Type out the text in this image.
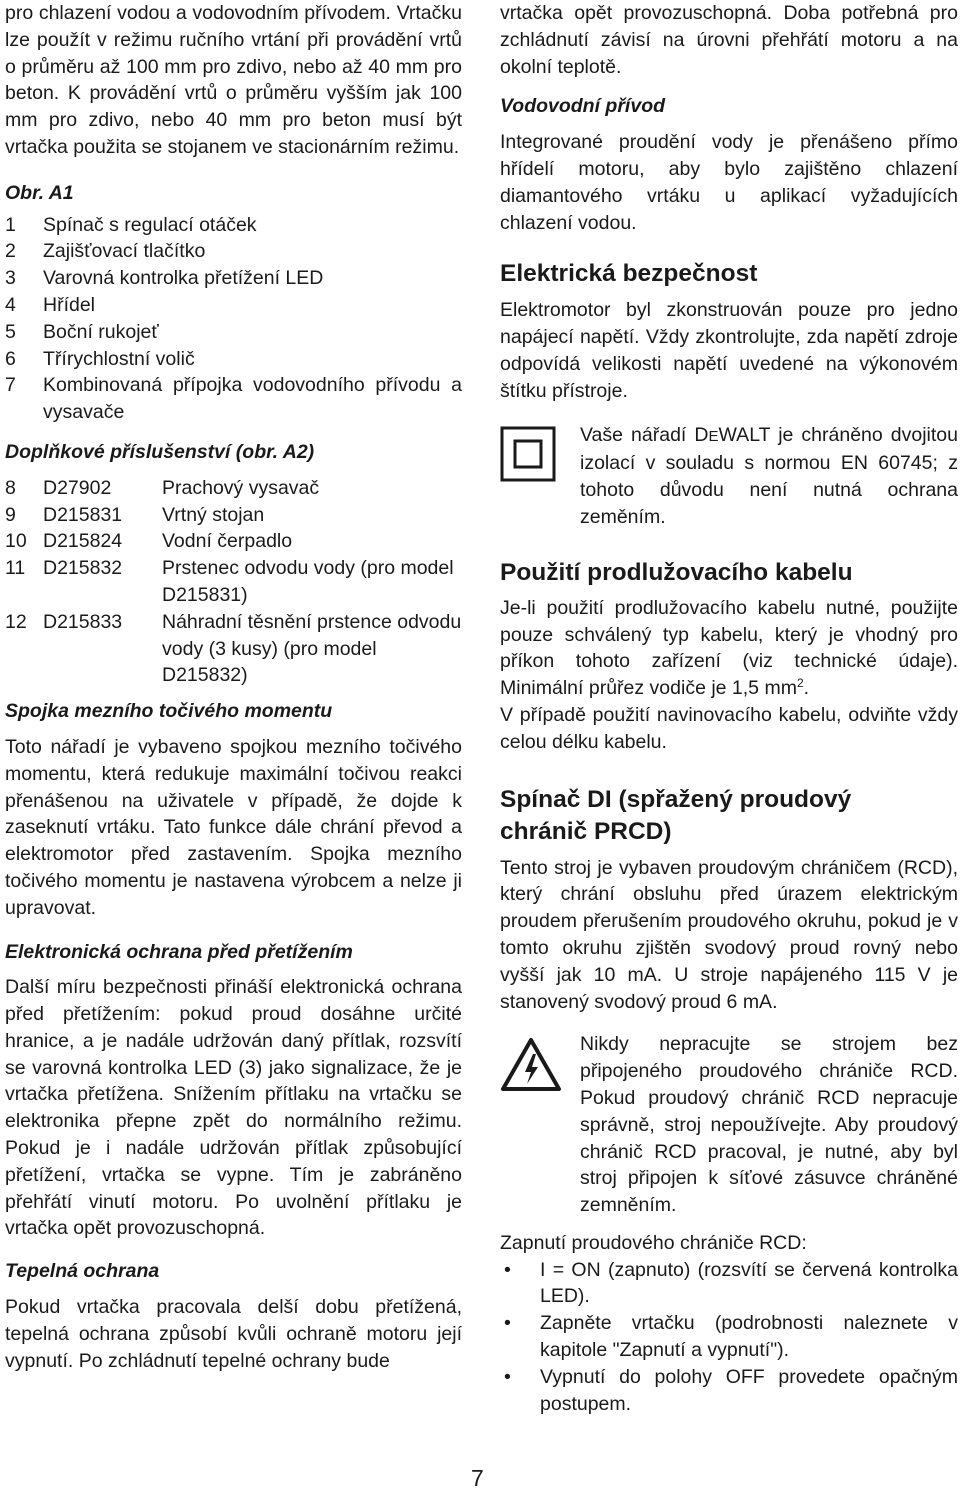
pro chlazení vodou a vodovodním přívodem. Vrtačku lze použít v režimu ručního vrtání při provádění vrtů o průměru až 100 mm pro zdivo, nebo až 40 mm pro beton. K provádění vrtů o průměru vyšším jak 100 mm pro zdivo, nebo 40 mm pro beton musí být vrtačka použita se stojanem ve stacionárním režimu.

Obr. A1

1	Spínač s regulací otáček
2	Zajišťovací tlačítko
3	Varovná kontrolka přetížení LED
4	Hřídel
5	Boční rukojeť
6	Třírychlostní volič
7	Kombinovaná přípojka vodovodního přívodu a vysavače

Doplňkové příslušenství (obr. A2)

8	D27902	Prachový vysavač
9	D215831	Vrtný stojan
10	D215824	Vodní čerpadlo
11	D215832	Prstenec odvodu vody (pro model D215831)
12	D215833	Náhradní těsnění prstence odvodu vody (3 kusy) (pro model D215832)

Spojka mezního točivého momentu

Toto nářadí je vybaveno spojkou mezního točivého momentu, která redukuje maximální točivou reakci přenášenou na uživatele v případě, že dojde k zaseknutí vrtáku. Tato funkce dále chrání převod a elektromotor před zastavením. Spojka mezního točivého momentu je nastavena výrobcem a nelze ji upravovat.

Elektronická ochrana před přetížením

Další míru bezpečnosti přináší elektronická ochrana před přetížením: pokud proud dosáhne určité hranice, a je nadále udržován daný přítlak, rozsvítí se varovná kontrolka LED (3) jako signalizace, že je vrtačka přetížena. Snížením přítlaku na vrtačku se elektronika přepne zpět do normálního režimu. Pokud je i nadále udržován přítlak způsobující přetížení, vrtačka se vypne. Tím je zabráněno přehřátí vinutí motoru. Po uvolnění přítlaku je vrtačka opět provozuschopná.

Tepelná ochrana

Pokud vrtačka pracovala delší dobu přetížená, tepelná ochrana způsobí kvůli ochraně motoru její vypnutí. Po zchládnutí tepelné ochrany bude

vrtačka opět provozuschopná. Doba potřebná pro zchládnutí závisí na úrovni přehřátí motoru a na okolní teplotě.

Vodovodní přívod

Integrované proudění vody je přenášeno přímo hřídelí motoru, aby bylo zajištěno chlazení diamantového vrtáku u aplikací vyžadujících chlazení vodou.

Elektrická bezpečnost

Elektromotor byl zkonstruován pouze pro jedno napájecí napětí. Vždy zkontrolujte, zda napětí zdroje odpovídá velikosti napětí uvedené na výkonovém štítku přístroje.

Vaše nářadí DEWALT je chráněno dvojitou izolací v souladu s normou EN 60745; z tohoto důvodu není nutná ochrana zeměním.

Použití prodlužovacího kabelu

Je-li použití prodlužovacího kabelu nutné, použijte pouze schválený typ kabelu, který je vhodný pro příkon tohoto zařízení (viz technické údaje). Minimální průřez vodiče je 1,5 $mm^2$.

V případě použití navinovacího kabelu, odviňte vždy celou délku kabelu.

Spínač DI (spřažený proudový chránič PRCD)

Tento stroj je vybaven proudovým chráničem (RCD), který chrání obsluhu před úrazem elektrickým proudem přerušením proudového okruhu, pokud je v tomto okruhu zjištěn svodový proud rovný nebo vyšší jak 10 mA. U stroje napájeného 115 V je stanovený svodový proud 6 mA.

Nikdy nepracujte se strojem bez připojeného proudového chrániče RCD. Pokud proudový chránič RCD nepracuje správně, stroj nepoužívejte. Aby proudový chránič RCD pracoval, je nutné, aby byl stroj připojen k síťové zásuvce chráněné zemněním.

Zapnutí proudového chrániče RCD:

•	I = ON (zapnuto) (rozsvítí se červená kontrolka LED).
•	Zapněte vrtačku (podrobnosti naleznete v kapitole "Zapnutí a vypnutí").
•	Vypnutí do polohy OFF provedete opačným postupem.
7
